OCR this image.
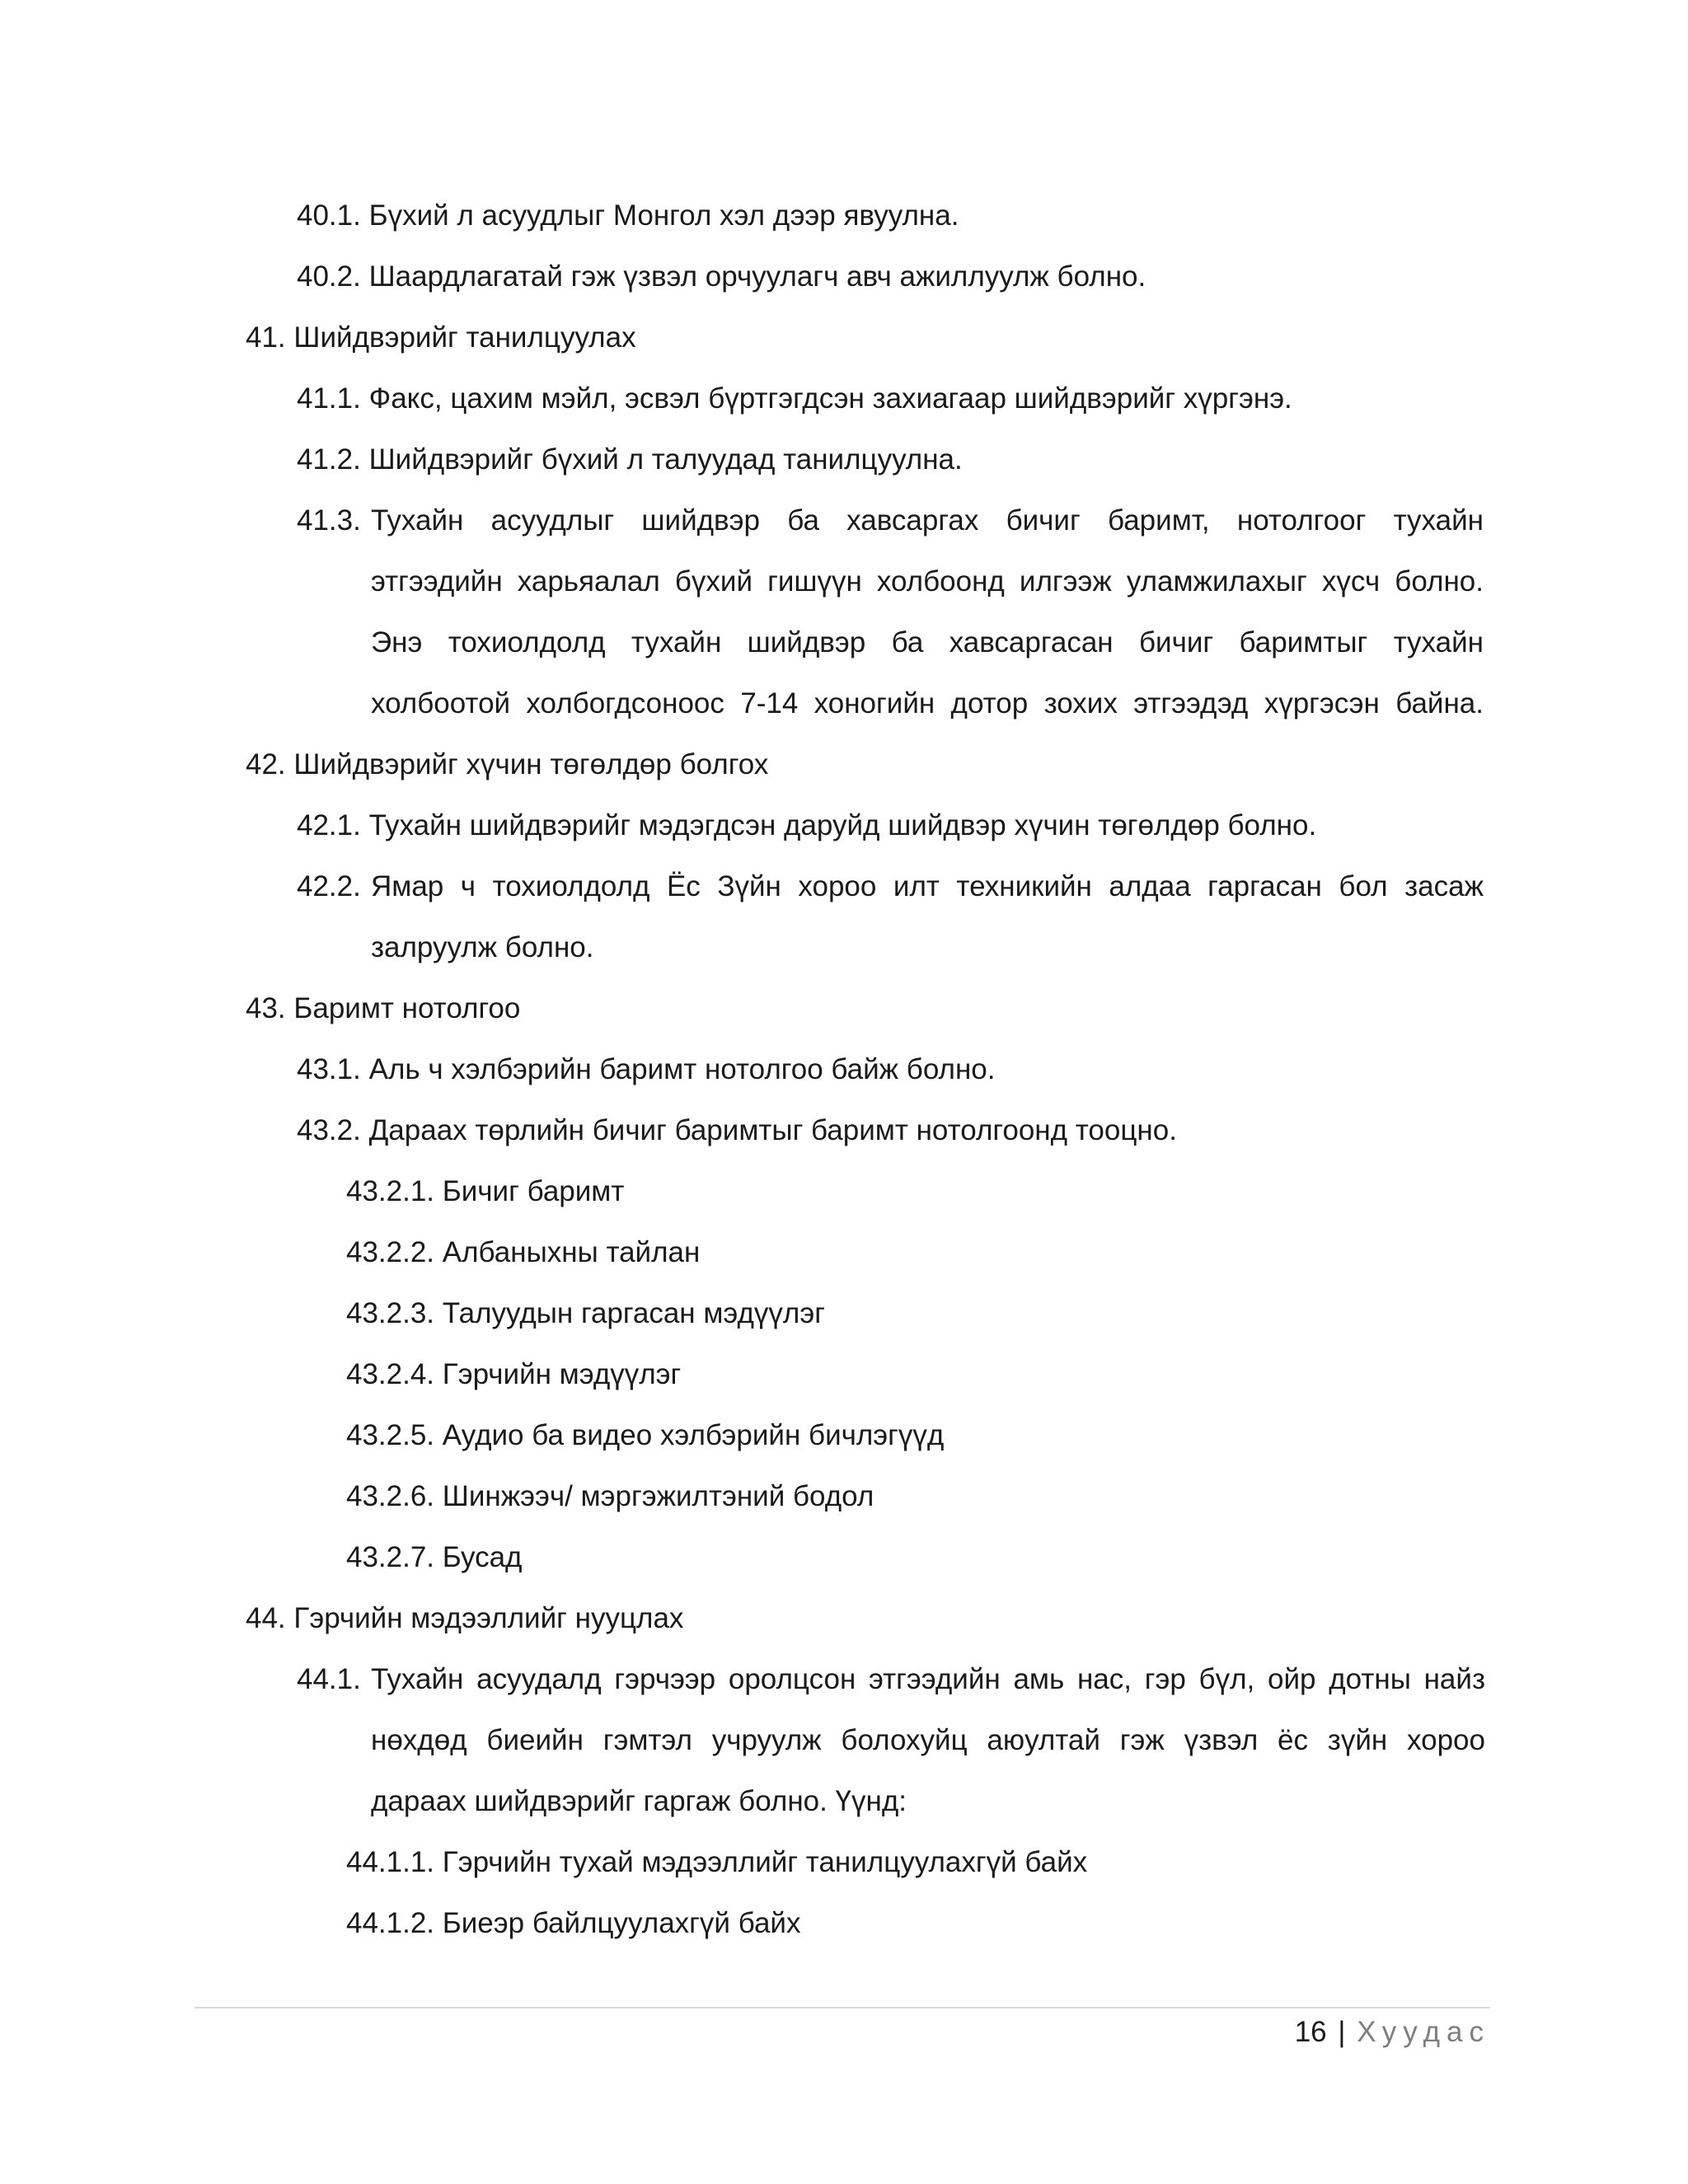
40.1. Бүхий л асуудлыг Монгол хэл дээр явуулна.
40.2. Шаардлагатай гэж үзвэл орчуулагч авч ажиллуулж болно.
41. Шийдвэрийг танилцуулах
41.1. Факс, цахим мэйл, эсвэл бүртгэгдсэн захиагаар шийдвэрийг хүргэнэ.
41.2. Шийдвэрийг бүхий л талуудад танилцуулна.
41.3. Тухайн асуудлыг шийдвэр ба хавсаргах бичиг баримт, нотолгоог тухайн
этгээдийн харьяалал бүхий гишүүн холбоонд илгээж уламжилахыг хүсч болно.
Энэ тохиолдолд тухайн шийдвэр ба хавсаргасан бичиг баримтыг тухайн
холбоотой холбогдсоноос 7-14 хоногийн дотор зохих этгээдэд хүргэсэн байна.
42. Шийдвэрийг хүчин төгөлдөр болгох
42.1. Тухайн шийдвэрийг мэдэгдсэн даруйд шийдвэр хүчин төгөлдөр болно.
42.2. Ямар ч тохиолдолд Ёс Зүйн хороо илт техникийн алдаа гаргасан бол засаж
залруулж болно.
43. Баримт нотолгоо
43.1. Аль ч хэлбэрийн баримт нотолгоо байж болно.
43.2. Дараах төрлийн бичиг баримтыг баримт нотолгоонд тооцно.
43.2.1. Бичиг баримт
43.2.2. Албаныхны тайлан
43.2.3. Талуудын гаргасан мэдүүлэг
43.2.4. Гэрчийн мэдүүлэг
43.2.5. Аудио ба видео хэлбэрийн бичлэгүүд
43.2.6. Шинжээч/ мэргэжилтэний бодол
43.2.7. Бусад
44. Гэрчийн мэдээллийг нууцлах
44.1. Тухайн асуудалд гэрчээр оролцсон этгээдийн амь нас, гэр бүл, ойр дотны найз
нөхдөд биеийн гэмтэл учруулж болохуйц аюултай гэж үзвэл ёс зүйн хороо
дараах шийдвэрийг гаргаж болно. Үүнд:
44.1.1. Гэрчийн тухай мэдээллийг танилцуулахгүй байх
44.1.2. Биеэр байлцуулахгүй байх
16 | Хуудас
